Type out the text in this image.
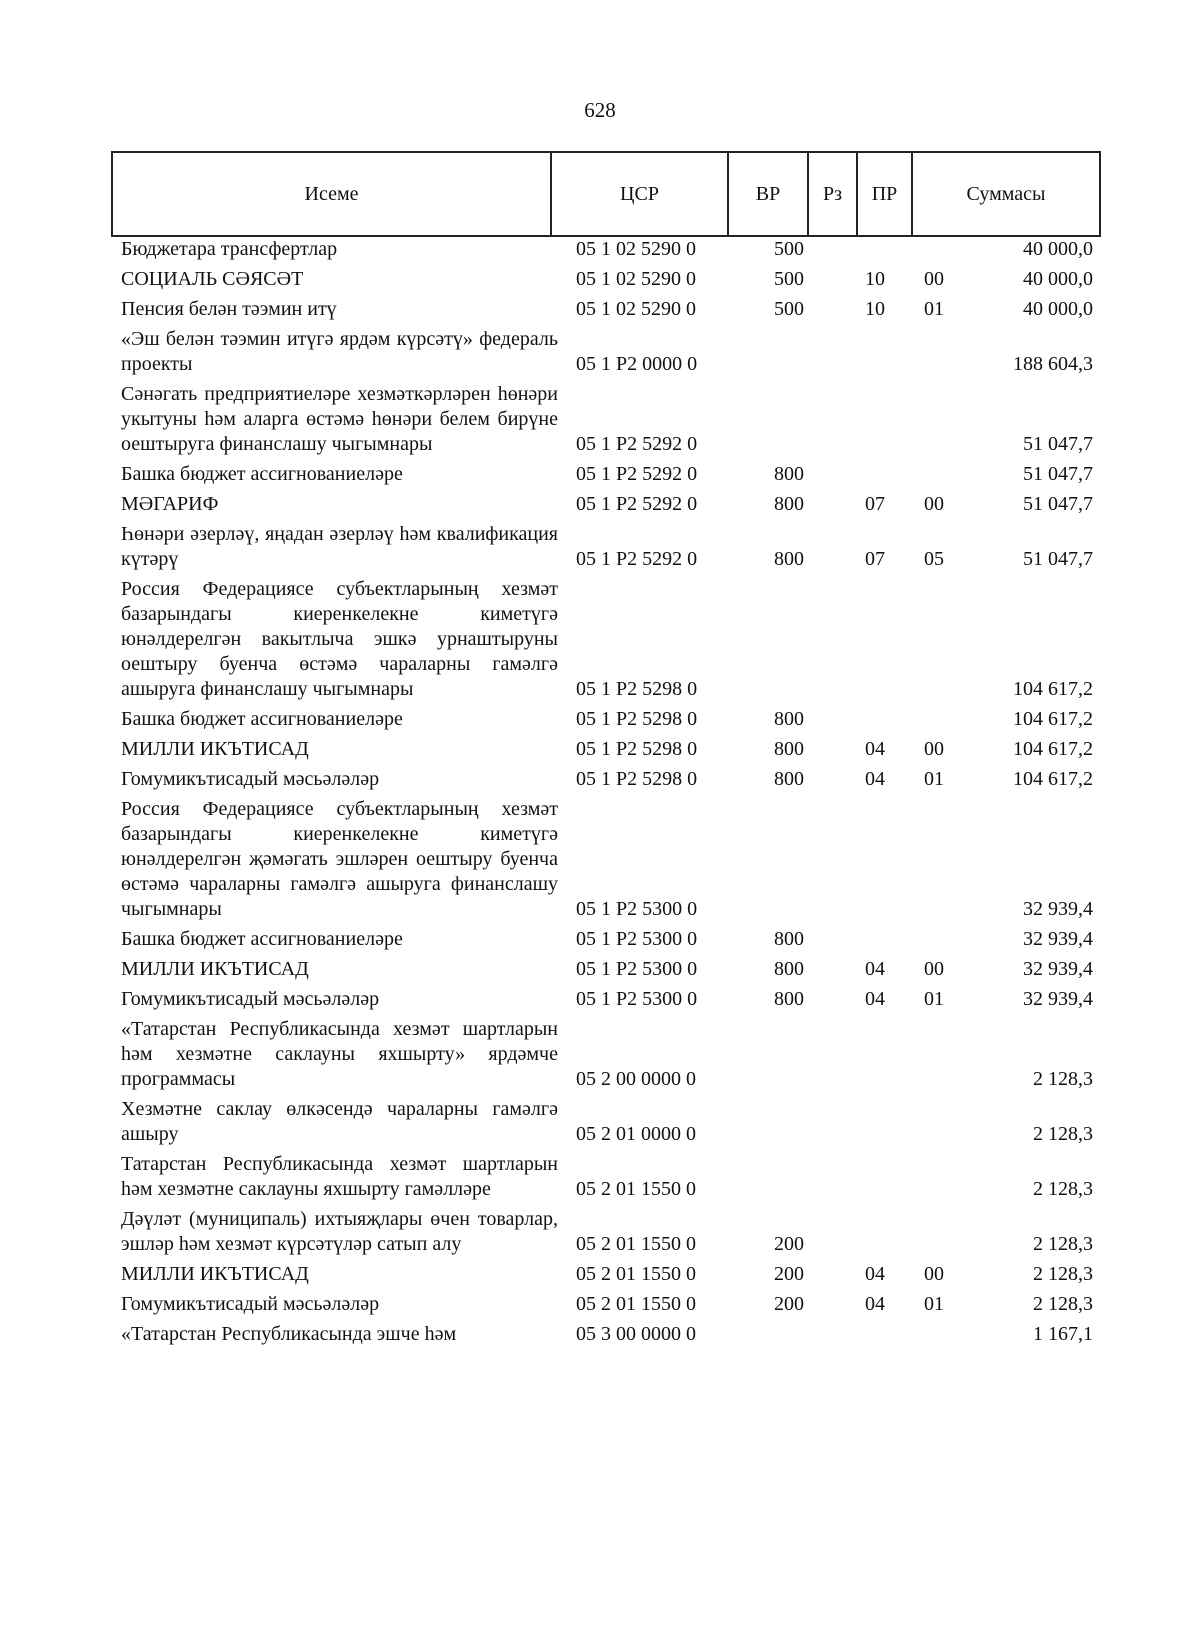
628
Исеме	ЦСР	ВР	Рз	ПР	Суммасы
Бюджетара трансфертлар	05 1 02 5290 0	500			40 000,0

СОЦИАЛЬ СӘЯСӘТ	05 1 02 5290 0	500	10	00	40 000,0

Пенсия белән тәэмин итү	05 1 02 5290 0	500	10	01	40 000,0

«Эш белән тәэмин итүгә ярдәм күрсәтү» федераль проекты	05 1 P2 0000 0				188 604,3

Сәнәгать предприятиеләре хезмәткәрләрен һөнәри укытуны һәм аларга өстәмә һөнәри белем бирүне оештыруга финанслашу чыгымнары	05 1 P2 5292 0				51 047,7

Башка бюджет ассигнованиеләре	05 1 P2 5292 0	800			51 047,7

МӘГАРИФ	05 1 P2 5292 0	800	07	00	51 047,7

Һөнәри әзерләү, яңадан әзерләү һәм квалификация күтәрү	05 1 P2 5292 0	800	07	05	51 047,7

Россия Федерациясе субъектларының хезмәт базарындагы киеренкелекне киметүгә юнәлдерелгән вакытлыча эшкә урнаштыруны оештыру буенча өстәмә чараларны гамәлгә ашыруга финанслашу чыгымнары	05 1 P2 5298 0				104 617,2

Башка бюджет ассигнованиеләре	05 1 P2 5298 0	800			104 617,2

МИЛЛИ ИКЪТИСАД	05 1 P2 5298 0	800	04	00	104 617,2

Гомумикътисадый мәсьәләләр	05 1 P2 5298 0	800	04	01	104 617,2

Россия Федерациясе субъектларының хезмәт базарындагы киеренкелекне киметүгә юнәлдерелгән җәмәгать эшләрен оештыру буенча өстәмә чараларны гамәлгә ашыруга финанслашу чыгымнары	05 1 P2 5300 0				32 939,4

Башка бюджет ассигнованиеләре	05 1 P2 5300 0	800			32 939,4

МИЛЛИ ИКЪТИСАД	05 1 P2 5300 0	800	04	00	32 939,4

Гомумикътисадый мәсьәләләр	05 1 P2 5300 0	800	04	01	32 939,4

«Татарстан Республикасында хезмәт шартларын һәм хезмәтне саклауны яхшырту» ярдәмче программасы	05 2 00 0000 0				2 128,3

Хезмәтне саклау өлкәсендә чараларны гамәлгә ашыру	05 2 01 0000 0				2 128,3

Татарстан Республикасында хезмәт шартларын һәм хезмәтне саклауны яхшырту гамәлләре	05 2 01 1550 0				2 128,3

Дәүләт (муниципаль) ихтыяҗлары өчен товарлар, эшләр һәм хезмәт күрсәтүләр сатып алу	05 2 01 1550 0	200			2 128,3

МИЛЛИ ИКЪТИСАД	05 2 01 1550 0	200	04	00	2 128,3

Гомумикътисадый мәсьәләләр	05 2 01 1550 0	200	04	01	2 128,3

«Татарстан Республикасында эшче һәм	05 3 00 0000 0				1 167,1
